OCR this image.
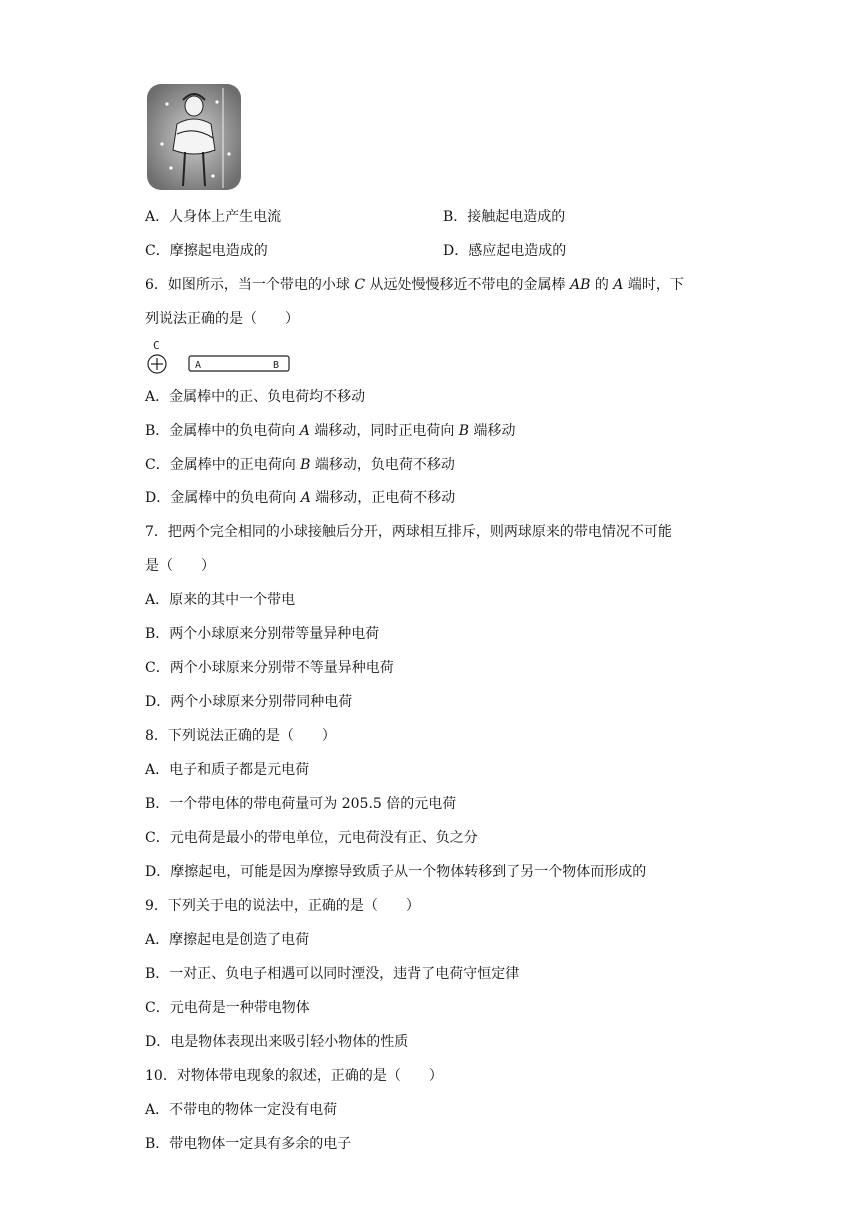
A．人身体上产生电流	B．接触起电造成的
C．摩擦起电造成的	D．感应起电造成的
6．如图所示，当一个带电的小球 C 从远处慢慢移近不带电的金属棒 AB 的 A 端时，下
列说法正确的是（　　）
C
A	B
A．金属棒中的正、负电荷均不移动
B．金属棒中的负电荷向 A 端移动，同时正电荷向 B 端移动
C．金属棒中的正电荷向 B 端移动，负电荷不移动
D．金属棒中的负电荷向 A 端移动，正电荷不移动
7．把两个完全相同的小球接触后分开，两球相互排斥，则两球原来的带电情况不可能
是（　　）
A．原来的其中一个带电
B．两个小球原来分别带等量异种电荷
C．两个小球原来分别带不等量异种电荷
D．两个小球原来分别带同种电荷
8．下列说法正确的是（　　）
A．电子和质子都是元电荷
B．一个带电体的带电荷量可为 205.5 倍的元电荷
C．元电荷是最小的带电单位，元电荷没有正、负之分
D．摩擦起电，可能是因为摩擦导致质子从一个物体转移到了另一个物体而形成的
9．下列关于电的说法中，正确的是（　　）
A．摩擦起电是创造了电荷
B．一对正、负电子相遇可以同时湮没，违背了电荷守恒定律
C．元电荷是一种带电物体
D．电是物体表现出来吸引轻小物体的性质
10．对物体带电现象的叙述，正确的是（　　）
A．不带电的物体一定没有电荷
B．带电物体一定具有多余的电子
